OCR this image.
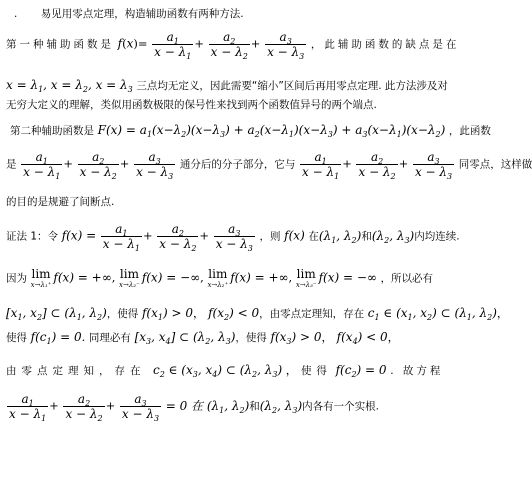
.       易见用零点定理，构造辅助函数有两种方法.
第一种辅助函数是 $f(x)= \frac{a_1}{x - \lambda_1} + \frac{a_2}{x - \lambda_2} + \frac{a_3}{x - \lambda_3}$ ，此辅助函数的缺点是在
$x = \lambda_1$, $x = \lambda_2$, $x = \lambda_3$ 三点均无定义，因此需要“缩小”区间后再用零点定理. 此方法涉及对
无穷大定义的理解，类似用函数极限的保号性来找到两个函数值异号的两个端点.
第二种辅助函数是 $F(x) = a_1(x-\lambda_2)(x-\lambda_3) + a_2(x-\lambda_1)(x-\lambda_3) + a_3(x-\lambda_1)(x-\lambda_2)$ ，此函数
是 $\frac{a_1}{x - \lambda_1} + \frac{a_2}{x - \lambda_2} + \frac{a_3}{x - \lambda_3}$ 通分后的分子部分，它与 $\frac{a_1}{x - \lambda_1} + \frac{a_2}{x - \lambda_2} + \frac{a_3}{x - \lambda_3}$ 同零点，这样做
的目的是规避了间断点.
证法 1：令 $f(x) = \frac{a_1}{x - \lambda_1} + \frac{a_2}{x - \lambda_2} + \frac{a_3}{x - \lambda_3}$ ，则 f(x) 在($\lambda_1$, $\lambda_2$)和($\lambda_2$, $\lambda_3$)内均连续.
因为 lim
x→λ₁⁺
f(x) = +∞, lim
x→λ₂⁻
f(x) = −∞, lim
x→λ₂⁺
f(x) = +∞, lim
x→λ₃⁻
f(x) = −∞ ，所以必有
[$x_1$, $x_2$] ⊂ ($\lambda_1$, $\lambda_2$)，使得 $f(x_1) > 0$， $f(x_2) < 0$，由零点定理知，存在 $c_1$ ∈ ($x_1$, $x_2$) ⊂ ($\lambda_1$, $\lambda_2$)，
使得 $f(c_1) = 0$. 同理必有 [$x_3$, $x_4$] ⊂ ($\lambda_2$, $\lambda_3$)，使得 $f(x_3) > 0$， $f(x_4) < 0$，
由零点定理知，存在  $c_2$ ∈ ($x_3$, $x_4$) ⊂ ($\lambda_2$, $\lambda_3$) ， 使得 $f(c_2) = 0$ . 故方程
$\frac{a_1}{x - \lambda_1} + \frac{a_2}{x - \lambda_2} + \frac{a_3}{x - \lambda_3} = 0$ 在 ($\lambda_1$, $\lambda_2$)和($\lambda_2$, $\lambda_3$)内各有一个实根.
